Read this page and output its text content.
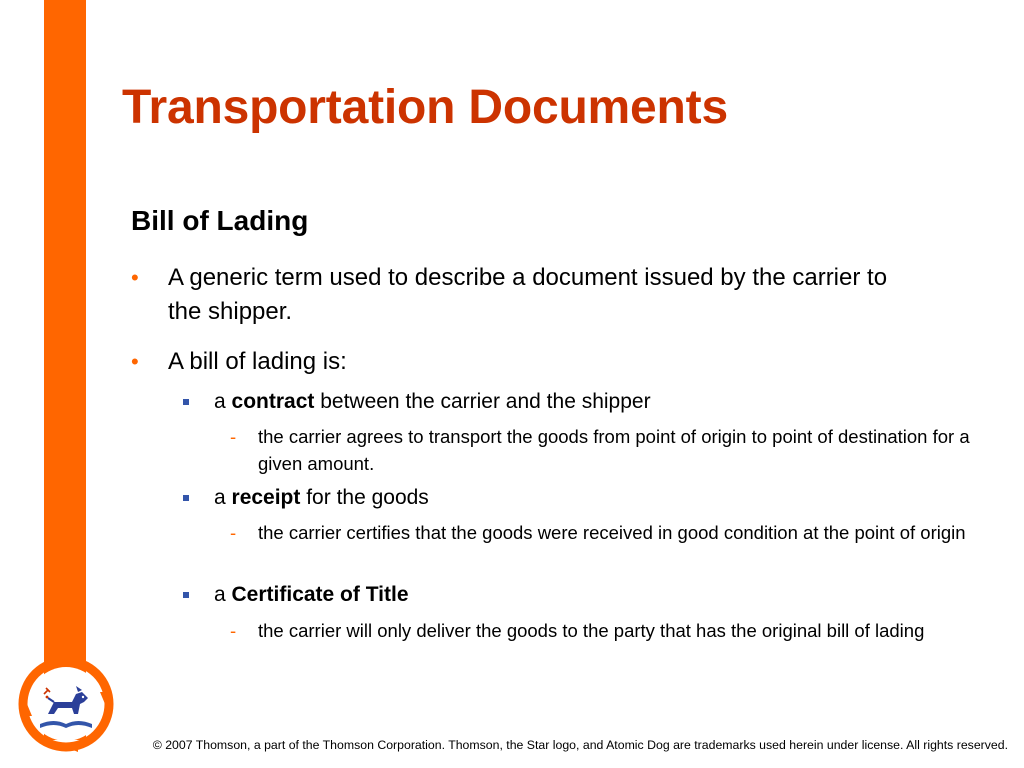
Transportation Documents
Bill of Lading
• A generic term used to describe a document issued by the carrier to the shipper.
• A bill of lading is:
a contract between the carrier and the shipper
- the carrier agrees to transport the goods from point of origin to point of destination for a given amount.
a receipt for the goods
- the carrier certifies that the goods were received in good condition at the point of origin
a Certificate of Title
- the carrier will only deliver the goods to the party that has the original bill of lading
© 2007 Thomson, a part of the Thomson Corporation. Thomson, the Star logo, and Atomic Dog are trademarks used herein under license. All rights reserved.
